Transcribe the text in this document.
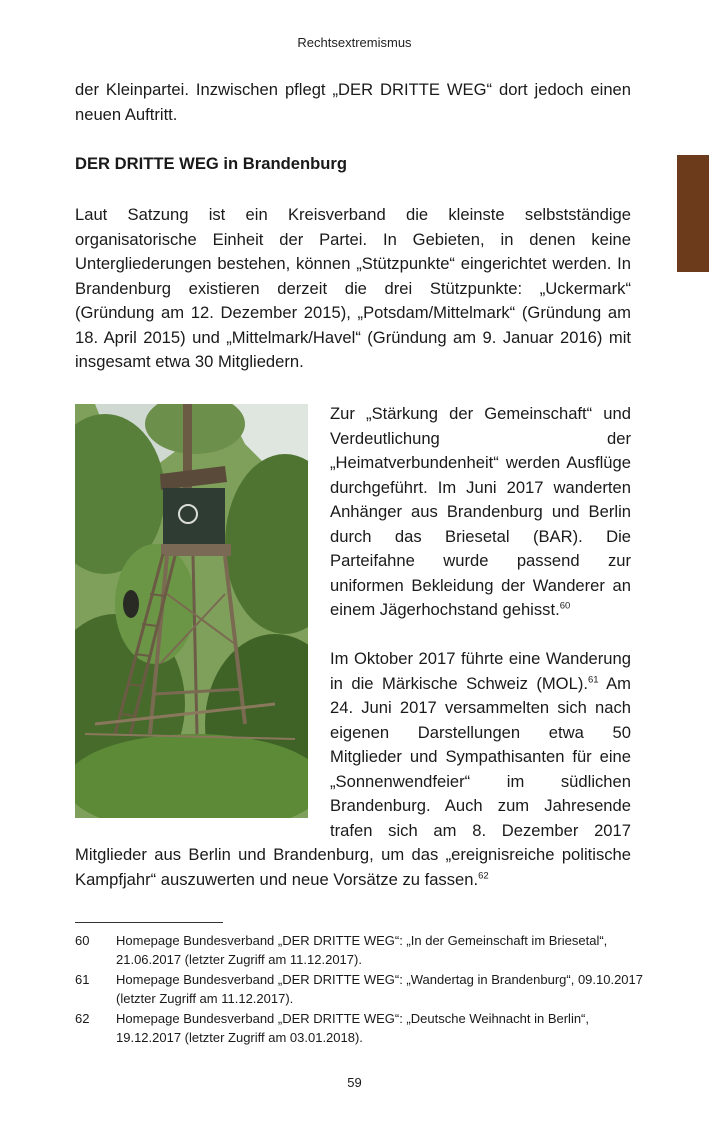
Rechtsextremismus
der Kleinpartei. Inzwischen pflegt „DER DRITTE WEG“ dort jedoch einen neuen Auftritt.
DER DRITTE WEG in Brandenburg
Laut Satzung ist ein Kreisverband die kleinste selbstständige organisatorische Einheit der Partei. In Gebieten, in denen keine Untergliederungen bestehen, können „Stützpunkte“ eingerichtet werden. In Brandenburg existieren derzeit die drei Stützpunkte: „Uckermark“ (Gründung am 12. Dezember 2015), „Potsdam/Mittelmark“ (Gründung am 18. April 2015) und „Mittelmark/Havel“ (Gründung am 9. Januar 2016) mit insgesamt etwa 30 Mitgliedern.
Zur „Stärkung der Gemeinschaft“ und Verdeutlichung der „Heimatverbundenheit“ werden Ausflüge durchgeführt. Im Juni 2017 wanderten Anhänger aus Brandenburg und Berlin durch das Briesetal (BAR). Die Parteifahne wurde passend zur uniformen Bekleidung der Wanderer an einem Jägerhochstand gehisst.$^{60}$
Im Oktober 2017 führte eine Wanderung in die Märkische Schweiz (MOL).$^{61}$ Am 24. Juni 2017 versammelten sich nach eigenen Darstellungen etwa 50 Mitglieder und Sympathisanten für eine „Sonnenwendfeier“ im südlichen Brandenburg. Auch zum Jahresende trafen sich am 8. Dezember 2017 Mitglieder aus Berlin und Brandenburg, um das „ereignisreiche politische Kampfjahr“ auszuwerten und neue Vorsätze zu fassen.$^{62}$
60 Homepage Bundesverband „DER DRITTE WEG“: „In der Gemeinschaft im Briesetal“, 21.06.2017 (letzter Zugriff am 11.12.2017).
61 Homepage Bundesverband „DER DRITTE WEG“: „Wandertag in Brandenburg“, 09.10.2017 (letzter Zugriff am 11.12.2017).
62 Homepage Bundesverband „DER DRITTE WEG“: „Deutsche Weihnacht in Berlin“, 19.12.2017 (letzter Zugriff am 03.01.2018).
59
